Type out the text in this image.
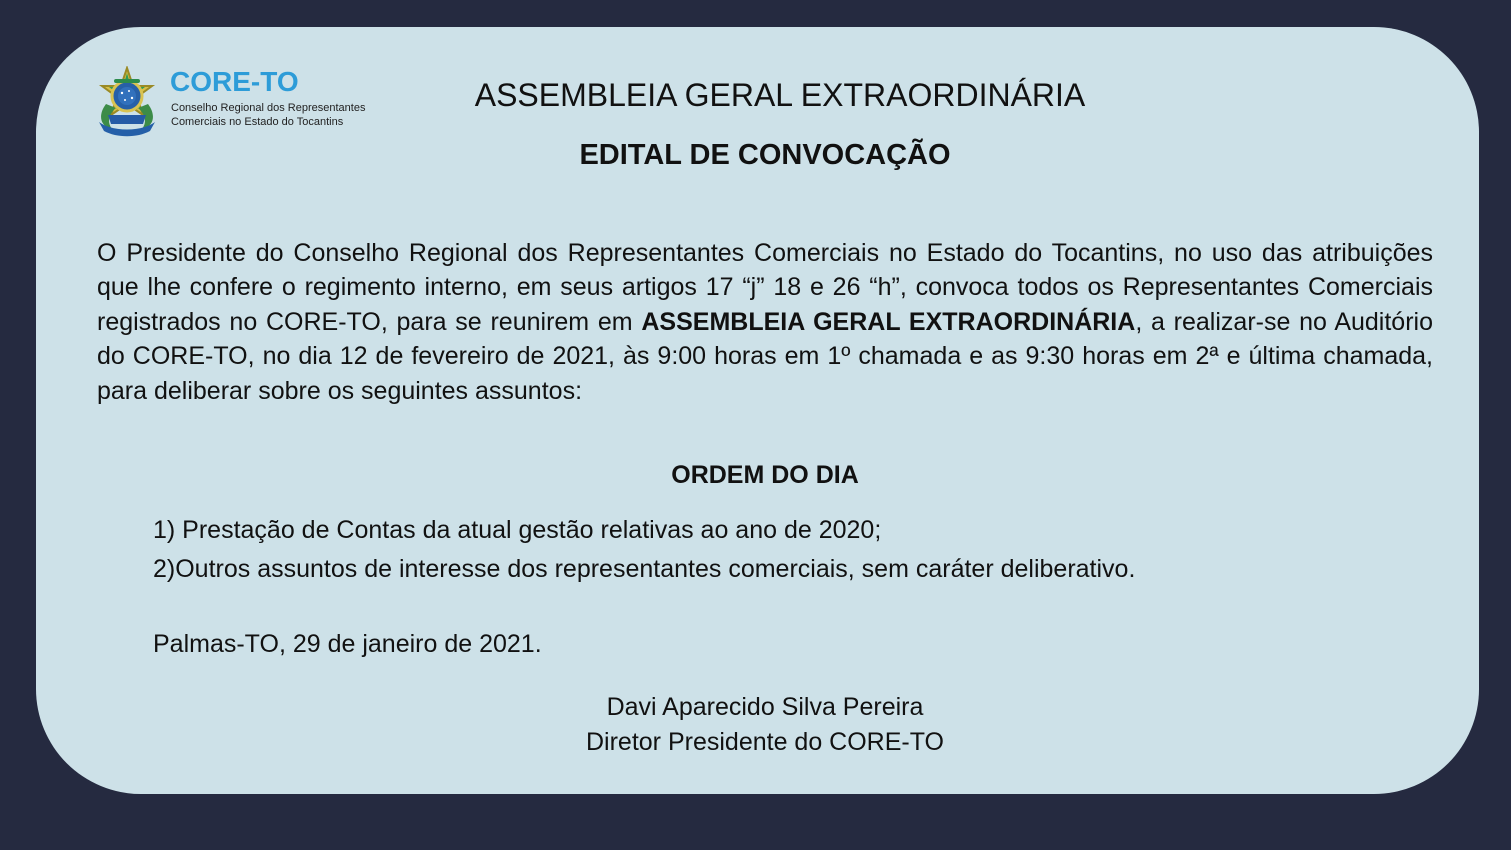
CORE-TO
Conselho Regional dos Representantes
Comerciais no Estado do Tocantins
ASSEMBLEIA GERAL EXTRAORDINÁRIA
EDITAL DE CONVOCAÇÃO
O Presidente do Conselho Regional dos Representantes Comerciais no Estado do Tocantins, no uso das atribuições que lhe confere o regimento interno, em seus artigos 17 “j” 18 e 26 “h”, convoca todos os Representantes Comerciais registrados no CORE-TO, para se reunirem em ASSEMBLEIA GERAL EXTRAORDINÁRIA, a realizar-se no Auditório do CORE-TO, no dia 12 de fevereiro de 2021, às 9:00 horas em 1º chamada e as 9:30 horas em 2ª e última chamada, para deliberar sobre os seguintes assuntos:
ORDEM DO DIA
1) Prestação de Contas da atual gestão relativas ao ano de 2020;
2)Outros assuntos de interesse dos representantes comerciais, sem caráter deliberativo.
Palmas-TO, 29 de janeiro de 2021.
Davi Aparecido Silva Pereira
Diretor Presidente do CORE-TO
